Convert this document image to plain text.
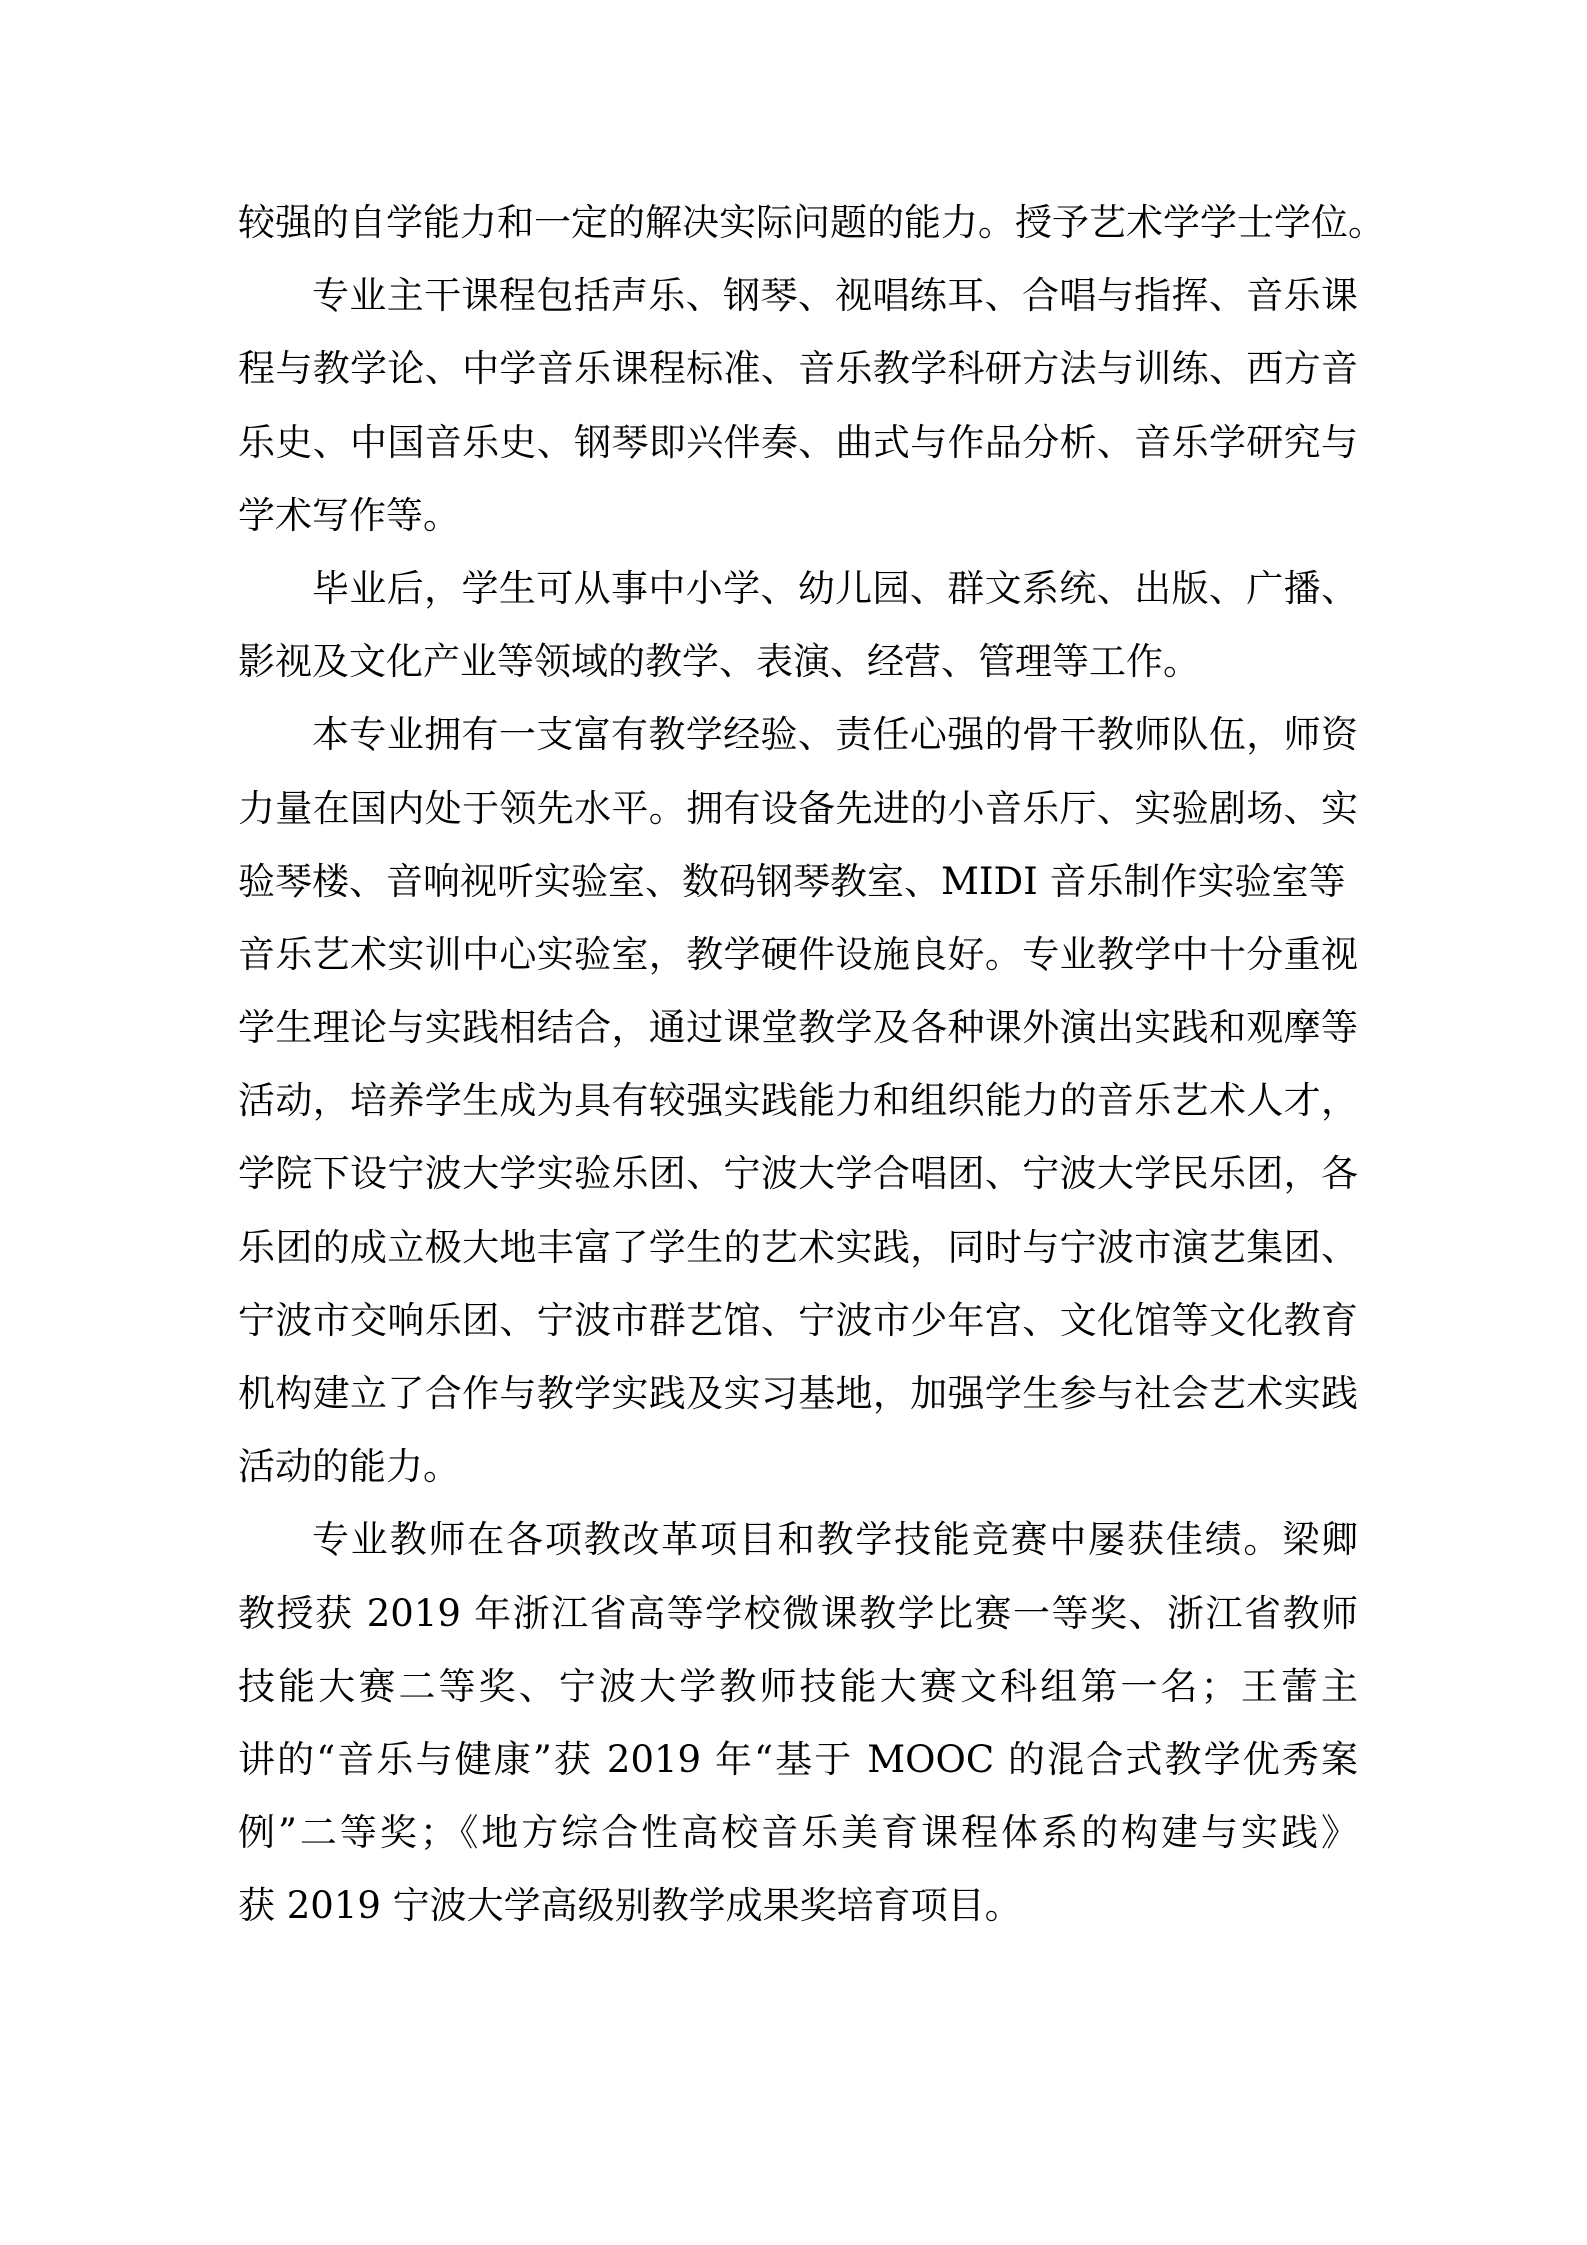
较强的自学能力和一定的解决实际问题的能力。授予艺术学学士学位。
专业主干课程包括声乐、钢琴、视唱练耳、合唱与指挥、音乐课
程与教学论、中学音乐课程标准、音乐教学科研方法与训练、西方音
乐史、中国音乐史、钢琴即兴伴奏、曲式与作品分析、音乐学研究与
学术写作等。
毕业后，学生可从事中小学、幼儿园、群文系统、出版、广播、
影视及文化产业等领域的教学、表演、经营、管理等工作。
本专业拥有一支富有教学经验、责任心强的骨干教师队伍，师资
力量在国内处于领先水平。拥有设备先进的小音乐厅、实验剧场、实
验琴楼、音响视听实验室、数码钢琴教室、MIDI 音乐制作实验室等
音乐艺术实训中心实验室，教学硬件设施良好。专业教学中十分重视
学生理论与实践相结合，通过课堂教学及各种课外演出实践和观摩等
活动，培养学生成为具有较强实践能力和组织能力的音乐艺术人才，
学院下设宁波大学实验乐团、宁波大学合唱团、宁波大学民乐团，各
乐团的成立极大地丰富了学生的艺术实践，同时与宁波市演艺集团、
宁波市交响乐团、宁波市群艺馆、宁波市少年宫、文化馆等文化教育
机构建立了合作与教学实践及实习基地，加强学生参与社会艺术实践
活动的能力。
专业教师在各项教改革项目和教学技能竞赛中屡获佳绩。梁卿
教授获 2019 年浙江省高等学校微课教学比赛一等奖、浙江省教师
技能大赛二等奖、宁波大学教师技能大赛文科组第一名；王蕾主
讲的“音乐与健康”获 2019 年“基于 MOOC 的混合式教学优秀案
例”二等奖；《地方综合性高校音乐美育课程体系的构建与实践》
获 2019 宁波大学高级别教学成果奖培育项目。
